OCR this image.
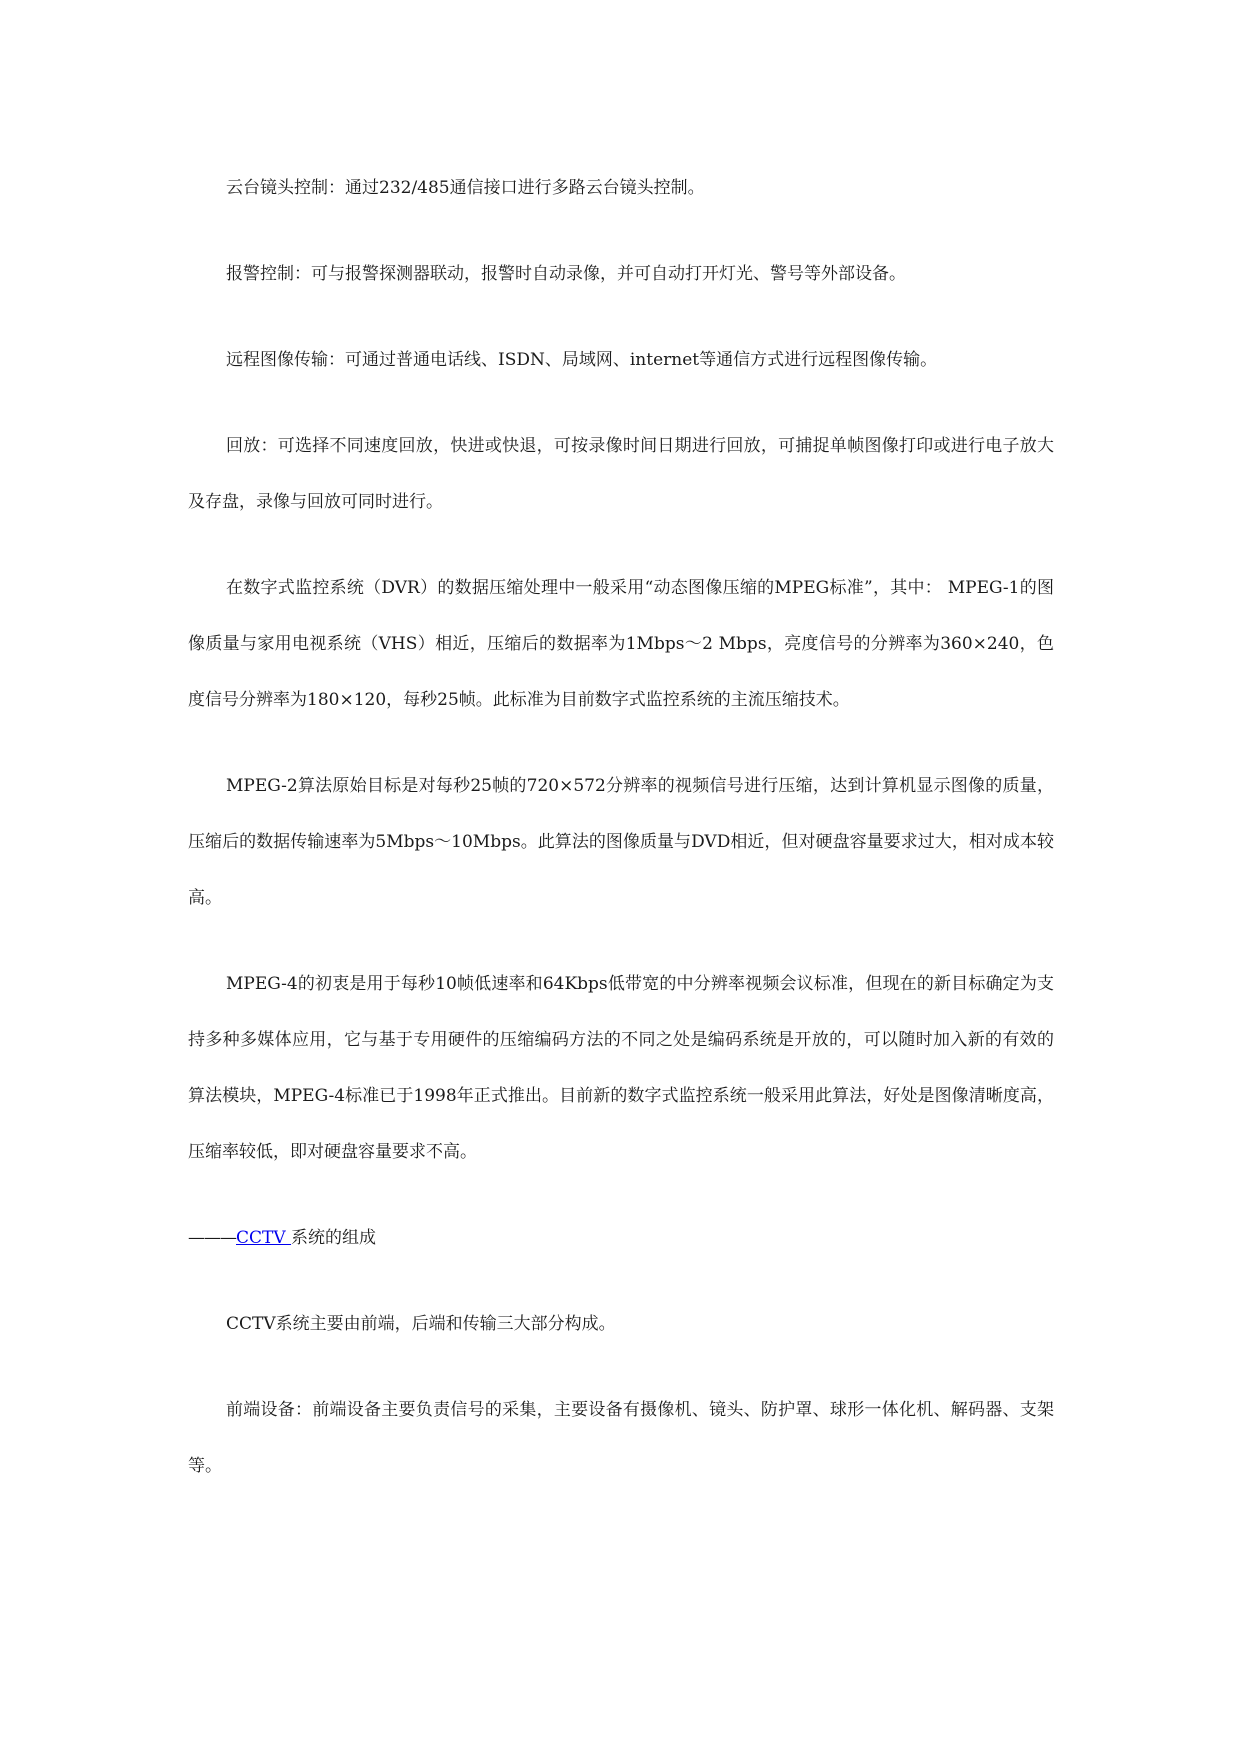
云台镜头控制：通过232/485通信接口进行多路云台镜头控制。

报警控制：可与报警探测器联动，报警时自动录像，并可自动打开灯光、警号等外部设备。

远程图像传输：可通过普通电话线、ISDN、局域网、internet等通信方式进行远程图像传输。

回放：可选择不同速度回放，快进或快退，可按录像时间日期进行回放，可捕捉单帧图像打印或进行电子放大及存盘，录像与回放可同时进行。

在数字式监控系统（DVR）的数据压缩处理中一般采用“动态图像压缩的MPEG标准”，其中： MPEG-1的图像质量与家用电视系统（VHS）相近，压缩后的数据率为1Mbps～2 Mbps，亮度信号的分辨率为360×240，色度信号分辨率为180×120，每秒25帧。此标准为目前数字式监控系统的主流压缩技术。

MPEG-2算法原始目标是对每秒25帧的720×572分辨率的视频信号进行压缩，达到计算机显示图像的质量，压缩后的数据传输速率为5Mbps～10Mbps。此算法的图像质量与DVD相近，但对硬盘容量要求过大，相对成本较高。

MPEG-4的初衷是用于每秒10帧低速率和64Kbps低带宽的中分辨率视频会议标准，但现在的新目标确定为支持多种多媒体应用，它与基于专用硬件的压缩编码方法的不同之处是编码系统是开放的，可以随时加入新的有效的算法模块，MPEG-4标准已于1998年正式推出。目前新的数字式监控系统一般采用此算法，好处是图像清晰度高，压缩率较低，即对硬盘容量要求不高。

———CCTV 系统的组成

CCTV系统主要由前端，后端和传输三大部分构成。

前端设备：前端设备主要负责信号的采集，主要设备有摄像机、镜头、防护罩、球形一体化机、解码器、支架等。
